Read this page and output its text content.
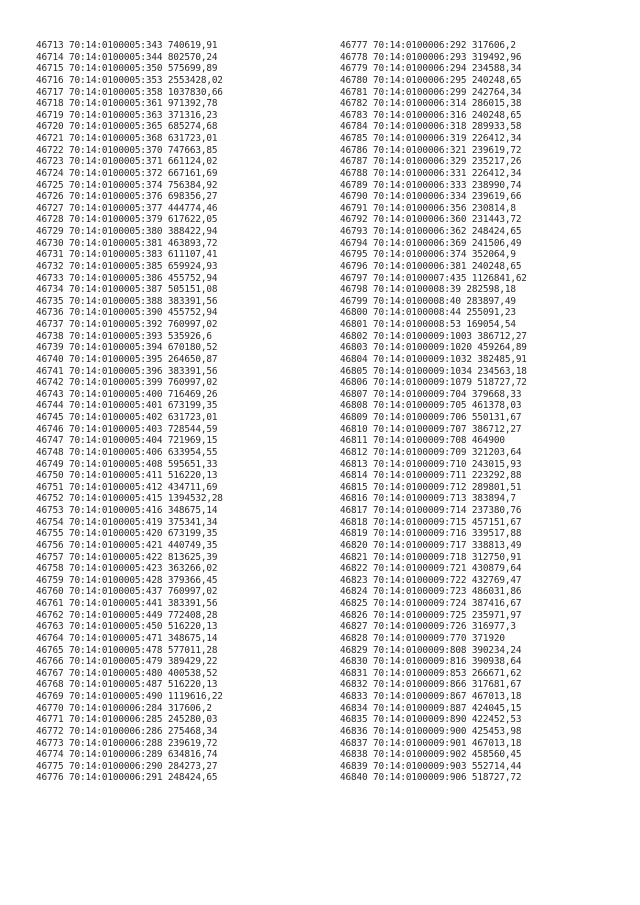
46713 70:14:0100005:343 740619,91
46714 70:14:0100005:344 802570,24
46715 70:14:0100005:350 575699,89
46716 70:14:0100005:353 2553428,02
46717 70:14:0100005:358 1037830,66
46718 70:14:0100005:361 971392,78
46719 70:14:0100005:363 371316,23
46720 70:14:0100005:365 685274,68
46721 70:14:0100005:368 631723,01
46722 70:14:0100005:370 747663,85
46723 70:14:0100005:371 661124,02
46724 70:14:0100005:372 667161,69
46725 70:14:0100005:374 756384,92
46726 70:14:0100005:376 698356,27
46727 70:14:0100005:377 444774,46
46728 70:14:0100005:379 617622,05
46729 70:14:0100005:380 388422,94
46730 70:14:0100005:381 463893,72
46731 70:14:0100005:383 611107,41
46732 70:14:0100005:385 659924,93
46733 70:14:0100005:386 455752,94
46734 70:14:0100005:387 505151,08
46735 70:14:0100005:388 383391,56
46736 70:14:0100005:390 455752,94
46737 70:14:0100005:392 760997,02
46738 70:14:0100005:393 535926,6
46739 70:14:0100005:394 670180,52
46740 70:14:0100005:395 264650,87
46741 70:14:0100005:396 383391,56
46742 70:14:0100005:399 760997,02
46743 70:14:0100005:400 716469,26
46744 70:14:0100005:401 673199,35
46745 70:14:0100005:402 631723,01
46746 70:14:0100005:403 728544,59
46747 70:14:0100005:404 721969,15
46748 70:14:0100005:406 633954,55
46749 70:14:0100005:408 595651,33
46750 70:14:0100005:411 516220,13
46751 70:14:0100005:412 434711,69
46752 70:14:0100005:415 1394532,28
46753 70:14:0100005:416 348675,14
46754 70:14:0100005:419 375341,34
46755 70:14:0100005:420 673199,35
46756 70:14:0100005:421 440749,35
46757 70:14:0100005:422 813625,39
46758 70:14:0100005:423 363266,02
46759 70:14:0100005:428 379366,45
46760 70:14:0100005:437 760997,02
46761 70:14:0100005:441 383391,56
46762 70:14:0100005:449 772408,28
46763 70:14:0100005:450 516220,13
46764 70:14:0100005:471 348675,14
46765 70:14:0100005:478 577011,28
46766 70:14:0100005:479 389429,22
46767 70:14:0100005:480 400538,52
46768 70:14:0100005:487 516220,13
46769 70:14:0100005:490 1119616,22
46770 70:14:0100006:284 317606,2
46771 70:14:0100006:285 245280,03
46772 70:14:0100006:286 275468,34
46773 70:14:0100006:288 239619,72
46774 70:14:0100006:289 634816,74
46775 70:14:0100006:290 284273,27
46776 70:14:0100006:291 248424,65
46777 70:14:0100006:292 317606,2
46778 70:14:0100006:293 319492,96
46779 70:14:0100006:294 234588,34
46780 70:14:0100006:295 240248,65
46781 70:14:0100006:299 242764,34
46782 70:14:0100006:314 286015,38
46783 70:14:0100006:316 240248,65
46784 70:14:0100006:318 289933,58
46785 70:14:0100006:319 226412,34
46786 70:14:0100006:321 239619,72
46787 70:14:0100006:329 235217,26
46788 70:14:0100006:331 226412,34
46789 70:14:0100006:333 238990,74
46790 70:14:0100006:334 239619,66
46791 70:14:0100006:356 230814,8
46792 70:14:0100006:360 231443,72
46793 70:14:0100006:362 248424,65
46794 70:14:0100006:369 241506,49
46795 70:14:0100006:374 352064,9
46796 70:14:0100006:381 240248,65
46797 70:14:0100007:435 1126841,62
46798 70:14:0100008:39 282598,18
46799 70:14:0100008:40 283897,49
46800 70:14:0100008:44 255091,23
46801 70:14:0100008:53 169054,54
46802 70:14:0100009:1003 386712,27
46803 70:14:0100009:1020 459264,89
46804 70:14:0100009:1032 382485,91
46805 70:14:0100009:1034 234563,18
46806 70:14:0100009:1079 518727,72
46807 70:14:0100009:704 379668,33
46808 70:14:0100009:705 461378,03
46809 70:14:0100009:706 550131,67
46810 70:14:0100009:707 386712,27
46811 70:14:0100009:708 464900
46812 70:14:0100009:709 321203,64
46813 70:14:0100009:710 243015,93
46814 70:14:0100009:711 223292,88
46815 70:14:0100009:712 289801,51
46816 70:14:0100009:713 383894,7
46817 70:14:0100009:714 237380,76
46818 70:14:0100009:715 457151,67
46819 70:14:0100009:716 339517,88
46820 70:14:0100009:717 338813,49
46821 70:14:0100009:718 312750,91
46822 70:14:0100009:721 430879,64
46823 70:14:0100009:722 432769,47
46824 70:14:0100009:723 486031,86
46825 70:14:0100009:724 387416,67
46826 70:14:0100009:725 235971,97
46827 70:14:0100009:726 316977,3
46828 70:14:0100009:770 371920
46829 70:14:0100009:808 390234,24
46830 70:14:0100009:816 390938,64
46831 70:14:0100009:853 266671,62
46832 70:14:0100009:866 317681,67
46833 70:14:0100009:867 467013,18
46834 70:14:0100009:887 424045,15
46835 70:14:0100009:890 422452,53
46836 70:14:0100009:900 425453,98
46837 70:14:0100009:901 467013,18
46838 70:14:0100009:902 458560,45
46839 70:14:0100009:903 552714,44
46840 70:14:0100009:906 518727,72
